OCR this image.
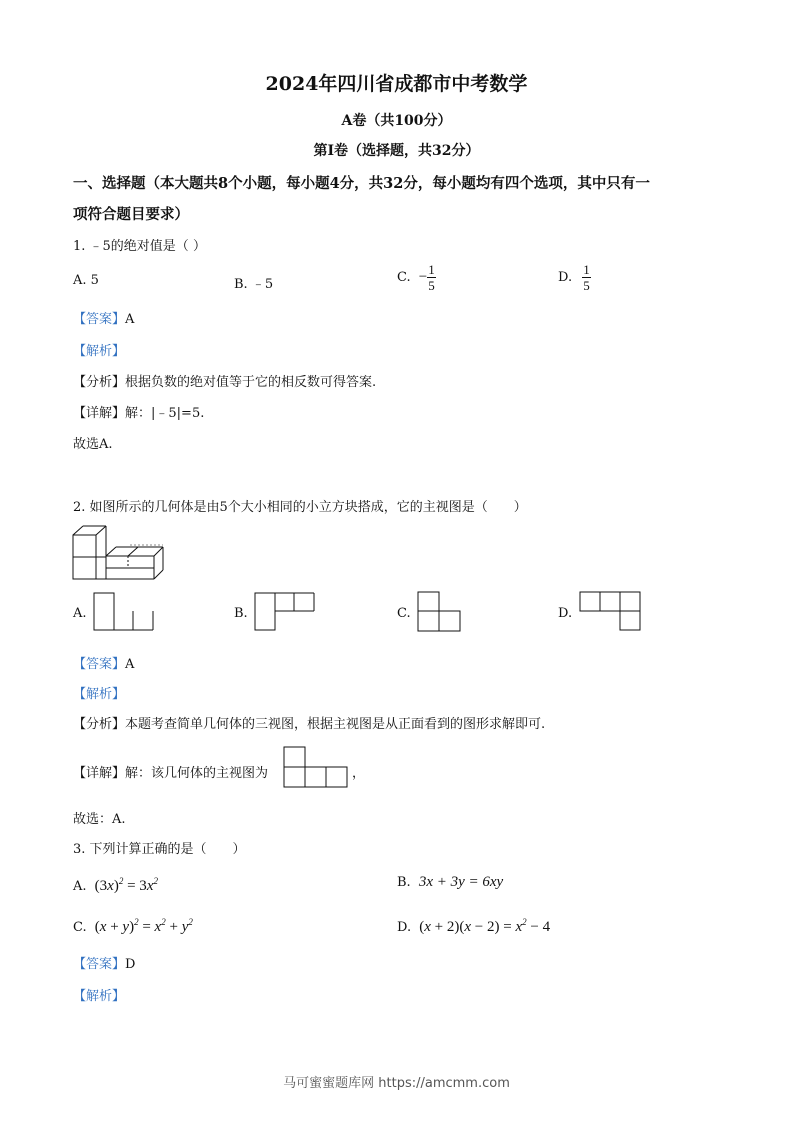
2024年四川省成都市中考数学
A卷（共100分）
第I卷（选择题，共32分）
一、选择题（本大题共8个小题，每小题4分，共32分，每小题均有四个选项，其中只有一
项符合题目要求）
1. ﹣5的绝对值是（ ）
A. 5	B. ﹣5	C. − $\frac{1}{5}$	D. $\frac{1}{5}$
【答案】A
【解析】
【分析】根据负数的绝对值等于它的相反数可得答案.
【详解】解：|﹣5|=5.
故选A.
2. 如图所示的几何体是由5个大小相同的小立方块搭成，它的主视图是（　　）
A.	B.	C.	D.
【答案】A
【解析】
【分析】本题考查简单几何体的三视图，根据主视图是从正面看到的图形求解即可.
【详解】解：该几何体的主视图为	，
故选：A.
3. 下列计算正确的是（　　）
A. $(3x)^2 = 3x^2$	B. 3x + 3y = 6xy
C. $(x + y)^2 = x^2 + y^2$	D. $(x + 2)(x - 2) = x^2 - 4$
【答案】D
【解析】
马可蜜蜜题库网 https://amcmm.com
